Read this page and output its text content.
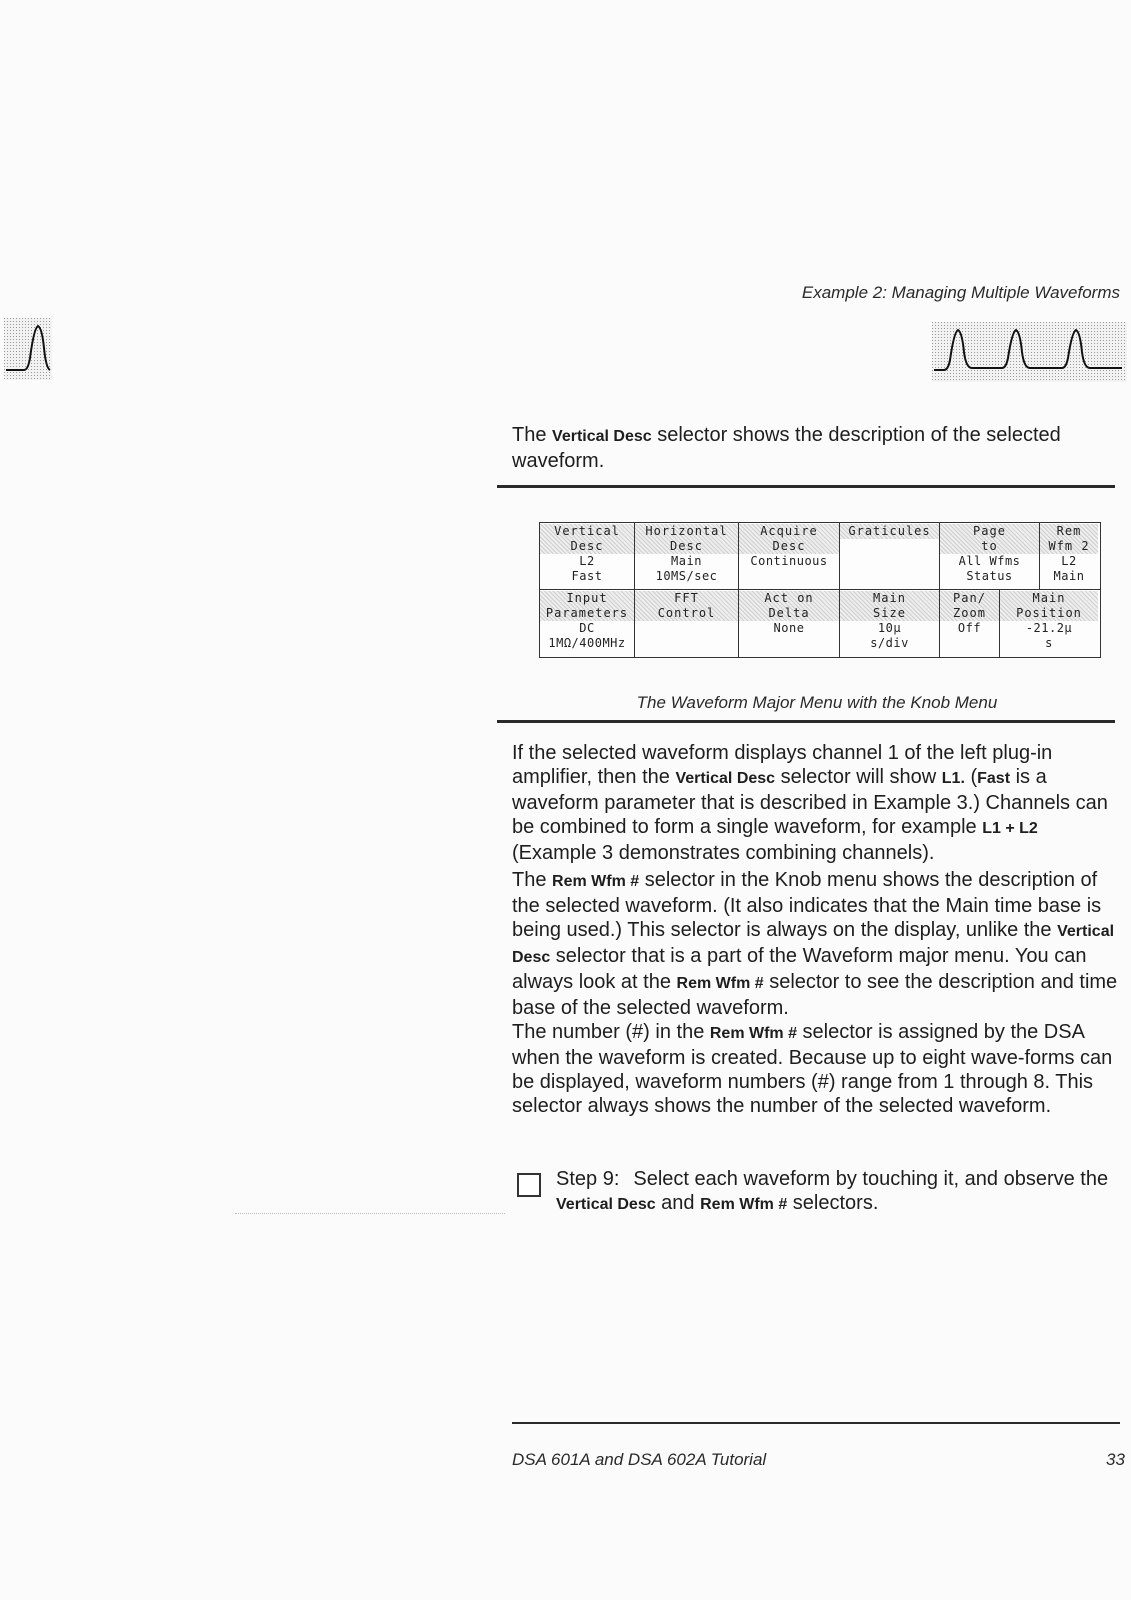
Example 2: Managing Multiple Waveforms
The Vertical Desc selector shows the description of the selected waveform.
Vertical
Desc
L2
Fast
Horizontal
Desc
Main
10MS/sec
Acquire
Desc
Continuous
Graticules	Page
to
All Wfms
Status
Rem
Wfm 2
L2
Main
Input
Parameters
DC
1MΩ/400MHz
FFT
Control
Act on
Delta
None
Main
Size
10µ
s/div
Pan/
Zoom
Off
Main
Position
-21.2µ
s
The Waveform Major Menu with the Knob Menu
If the selected waveform displays channel 1 of the left plug-in amplifier, then the Vertical Desc selector will show L1. (Fast is a waveform parameter that is described in Example 3.) Channels can be combined to form a single waveform, for example L1 + L2 (Example 3 demonstrates combining channels).
The Rem Wfm # selector in the Knob menu shows the description of the selected waveform. (It also indicates that the Main time base is being used.) This selector is always on the display, unlike the Vertical Desc selector that is a part of the Waveform major menu. You can always look at the Rem Wfm # selector to see the description and time base of the selected waveform.
The number (#) in the Rem Wfm # selector is assigned by the DSA when the waveform is created. Because up to eight wave-forms can be displayed, waveform numbers (#) range from 1 through 8. This selector always shows the number of the selected waveform.
Step 9: Select each waveform by touching it, and observe the Vertical Desc and Rem Wfm # selectors.
DSA 601A and DSA 602A Tutorial	33
